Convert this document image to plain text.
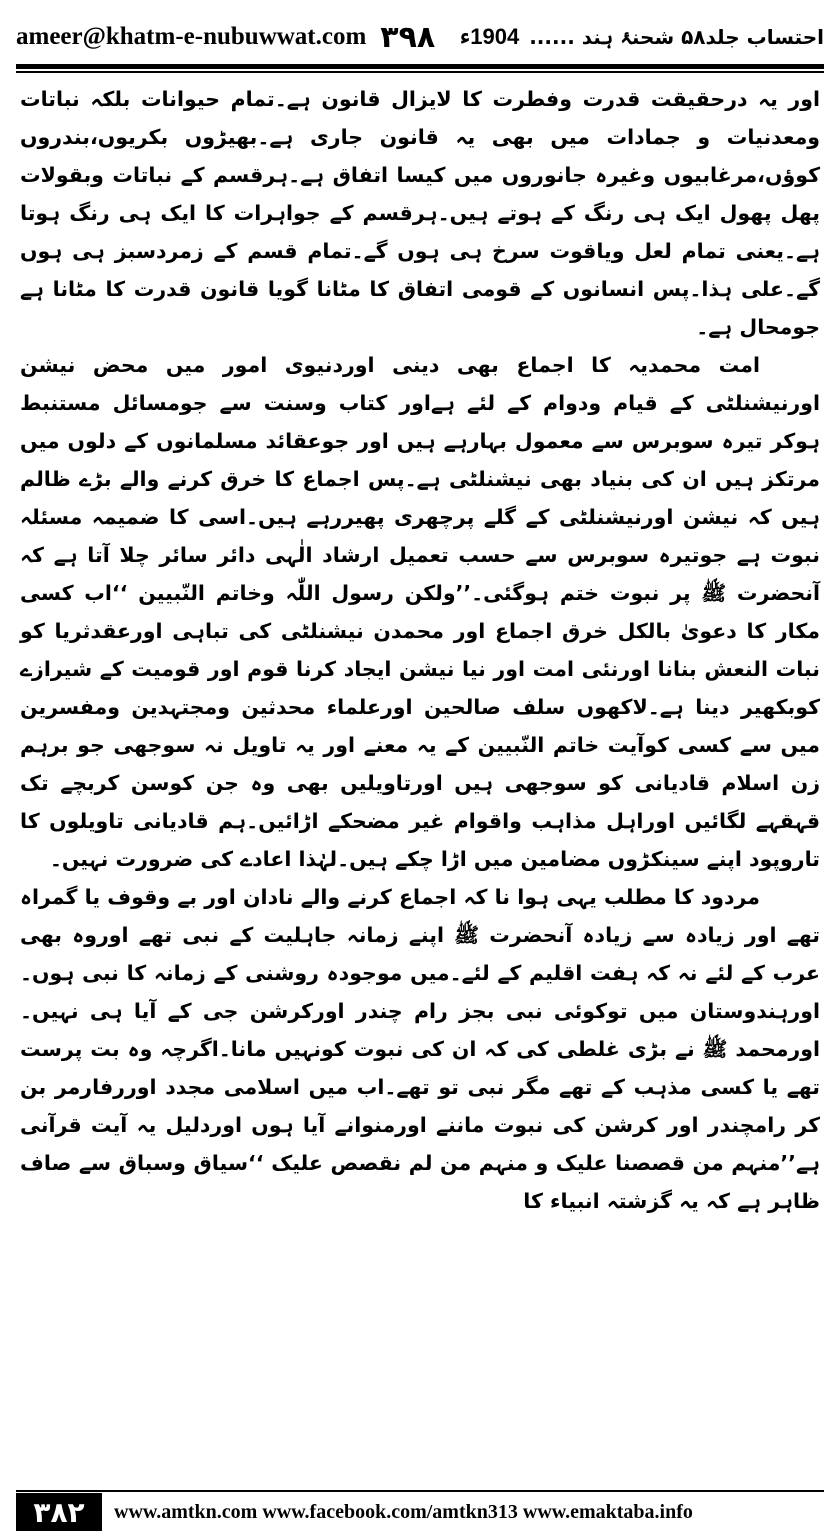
ameer@khatm-e-nubuwwat.com ۳۹۸	احتساب جلد۵۸ شحنۂ ہند ......
1904ء

اور یہ درحقیقت قدرت وفطرت کا لایزال قانون ہے۔تمام حیوانات بلکہ نباتات ومعدنیات و جمادات میں بھی یہ قانون جاری ہے۔بھیڑوں بکریوں،بندروں کوؤں،مرغابیوں وغیرہ جانوروں میں کیسا اتفاق ہے۔ہرقسم کے نباتات وبقولات پھل پھول ایک ہی رنگ کے ہوتے ہیں۔ہرقسم کے جواہرات کا ایک ہی رنگ ہوتا ہے۔یعنی تمام لعل ویاقوت سرخ ہی ہوں گے۔تمام قسم کے زمردسبز ہی ہوں گے۔علی ہذا۔پس انسانوں کے قومی اتفاق کا مٹانا گویا قانون قدرت کا مٹانا ہے جومحال ہے۔

امت محمدیہ کا اجماع بھی دینی اوردنیوی امور میں محض نیشن اورنیشنلٹی کے قیام ودوام کے لئے ہےاور کتاب وسنت سے جومسائل مستنبط ہوکر تیرہ سوبرس سے معمول بہارہے ہیں اور جوعقائد مسلمانوں کے دلوں میں مرتکز ہیں ان کی بنیاد بھی نیشنلٹی ہے۔پس اجماع کا خرق کرنے والے بڑے ظالم ہیں کہ نیشن اورنیشنلٹی کے گلے پرچھری پھیررہے ہیں۔اسی کا ضمیمہ مسئلہ نبوت ہے جوتیرہ سوبرس سے حسب تعمیل ارشاد الٰہی دائر سائر چلا آتا ہے کہ آنحضرت ﷺ پر نبوت ختم ہوگئی۔’’ولکن رسول اللّٰہ وخاتم النّبیین ‘‘اب کسی مکار کا دعویٰ بالکل خرق اجماع اور محمدن نیشنلٹی کی تباہی اورعقدثریا کو نبات النعش بنانا اورنئی امت اور نیا نیشن ایجاد کرنا قوم اور قومیت کے شیرازے کوبکھیر دینا ہے۔لاکھوں سلف صالحین اورعلماء محدثین ومجتہدین ومفسرین میں سے کسی کوآیت خاتم النّبیین کے یہ معنے اور یہ تاویل نہ سوجھی جو برہم زن اسلام قادیانی کو سوجھی ہیں اورتاویلیں بھی وہ جن کوسن کربچے تک قہقہے لگائیں اوراہل مذاہب واقوام غیر مضحکے اڑائیں۔ہم قادیانی تاویلوں کا تاروپود اپنے سینکڑوں مضامین میں اڑا چکے ہیں۔لہٰذا اعادے کی ضرورت نہیں۔

مردود کا مطلب یہی ہوا نا کہ اجماع کرنے والے نادان اور بے وقوف یا گمراہ تھے اور زیادہ سے زیادہ آنحضرت ﷺ اپنے زمانہ جاہلیت کے نبی تھے اوروہ بھی عرب کے لئے نہ کہ ہفت اقلیم کے لئے۔میں موجودہ روشنی کے زمانہ کا نبی ہوں۔اورہندوستان میں توکوئی نبی بجز رام چندر اورکرشن جی کے آیا ہی نہیں۔اورمحمد ﷺ نے بڑی غلطی کی کہ ان کی نبوت کونہیں مانا۔اگرچہ وہ بت پرست تھے یا کسی مذہب کے تھے مگر نبی تو تھے۔اب میں اسلامی مجدد اوررفارمر بن کر رامچندر اور کرشن کی نبوت ماننے اورمنوانے آیا ہوں اوردلیل یہ آیت قرآنی ہے’’منہم من قصصنا علیک و منہم من لم نقصص علیک ‘‘سیاق وسباق سے صاف ظاہر ہے کہ یہ گزشتہ انبیاء کا

۳۸۲	www.amtkn.com www.facebook.com/amtkn313 www.emaktaba.info
